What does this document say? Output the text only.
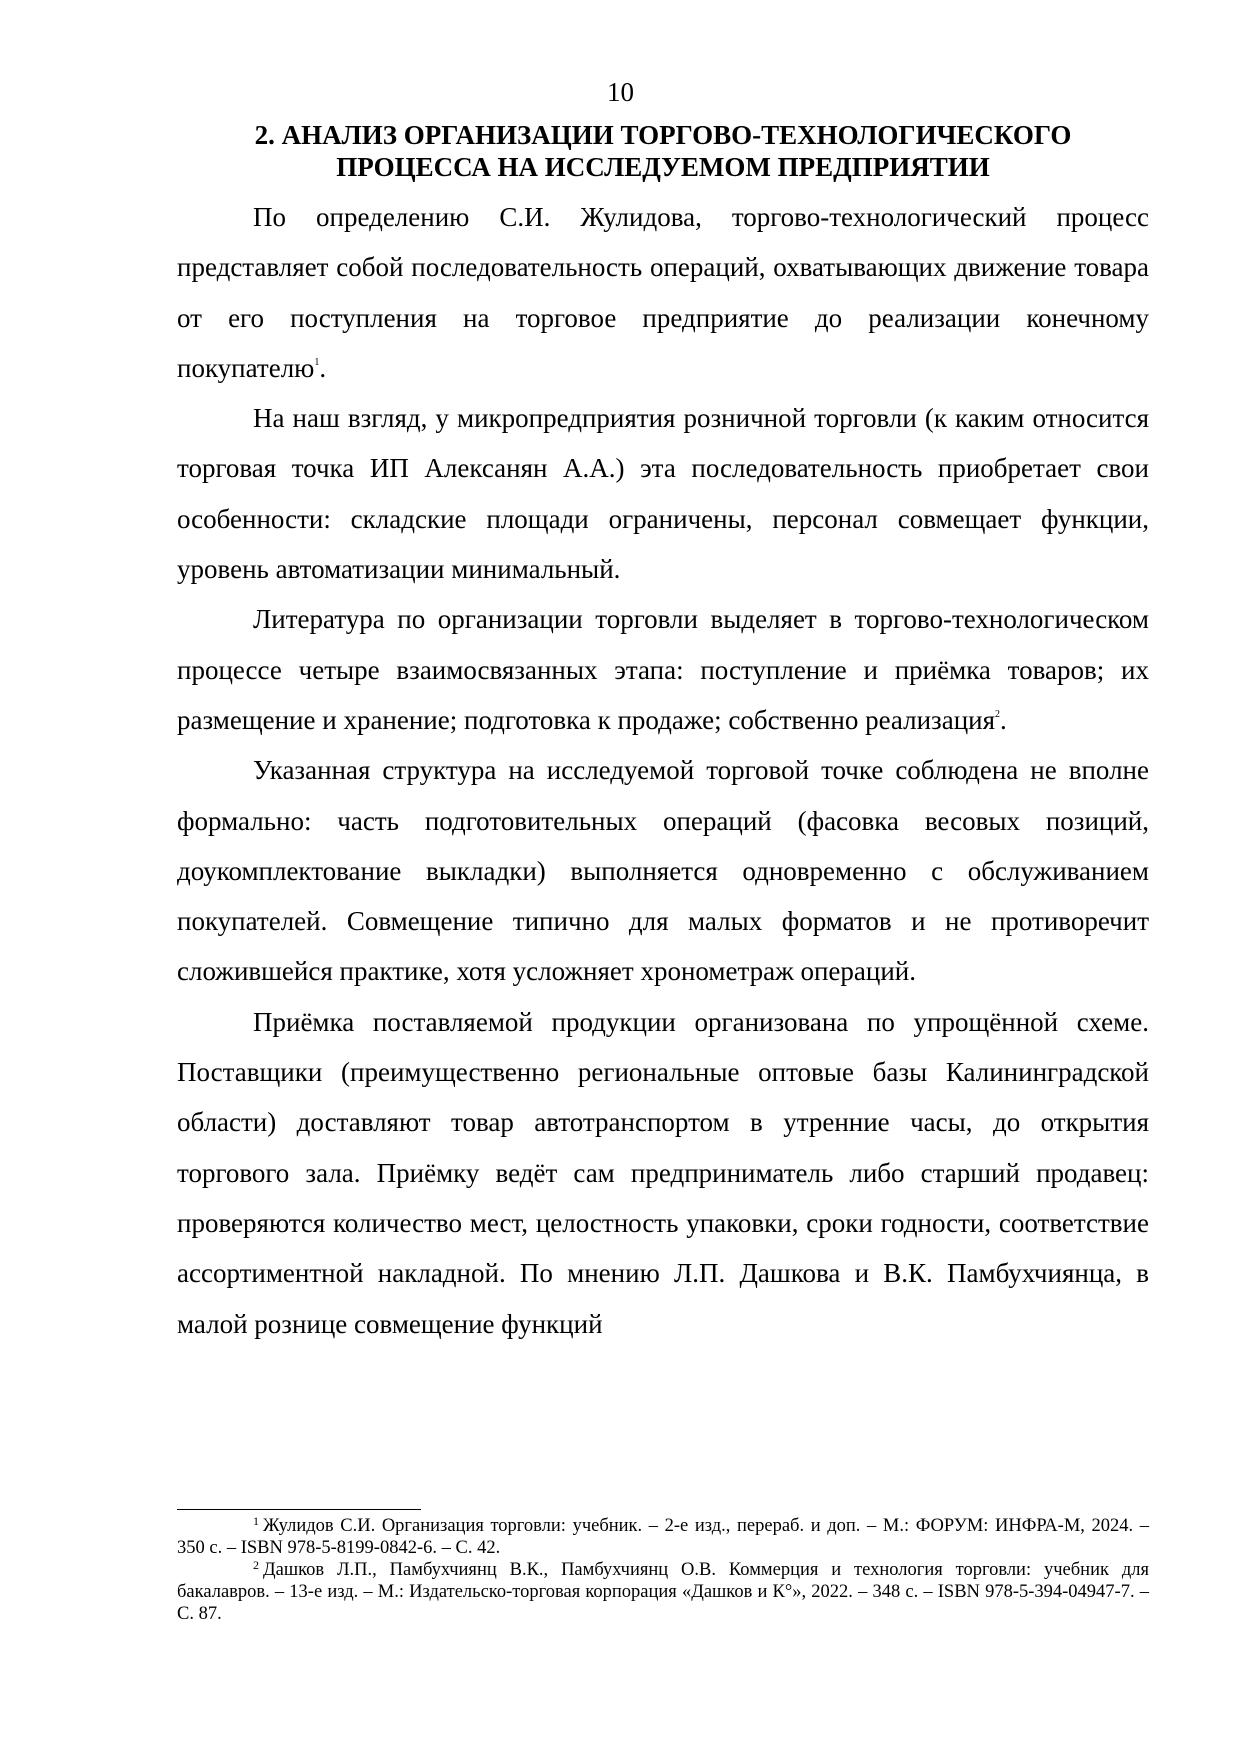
10
2. АНАЛИЗ ОРГАНИЗАЦИИ ТОРГОВО-ТЕХНОЛОГИЧЕСКОГО
ПРОЦЕССА НА ИССЛЕДУЕМОМ ПРЕДПРИЯТИИ

По определению С.И. Жулидова, торгово-технологический процесс представляет собой последовательность операций, охватывающих движение товара от его поступления на торговое предприятие до реализации конечному покупателю$^1$.

На наш взгляд, у микропредприятия розничной торговли (к каким относится торговая точка ИП Алексанян А.А.) эта последовательность приобретает свои особенности: складские площади ограничены, персонал совмещает функции, уровень автоматизации минимальный.

Литература по организации торговли выделяет в торгово-технологическом процессе четыре взаимосвязанных этапа: поступление и приёмка товаров; их размещение и хранение; подготовка к продаже; собственно реализация$^2$.

Указанная структура на исследуемой торговой точке соблюдена не вполне формально: часть подготовительных операций (фасовка весовых позиций, доукомплектование выкладки) выполняется одновременно с обслуживанием покупателей. Совмещение типично для малых форматов и не противоречит сложившейся практике, хотя усложняет хронометраж операций.

Приёмка поставляемой продукции организована по упрощённой схеме. Поставщики (преимущественно региональные оптовые базы Калининградской области) доставляют товар автотранспортом в утренние часы, до открытия торгового зала. Приёмку ведёт сам предприниматель либо старший продавец: проверяются количество мест, целостность упаковки, сроки годности, соответствие ассортиментной накладной. По мнению Л.П. Дашкова и В.К. Памбухчиянца, в малой рознице совмещение функций

$^1$ Жулидов С.И. Организация торговли: учебник. – 2-е изд., перераб. и доп. – М.: ФОРУМ: ИНФРА-М, 2024. – 350 с. – ISBN 978-5-8199-0842-6. – С. 42.

$^2$ Дашков Л.П., Памбухчиянц В.К., Памбухчиянц О.В. Коммерция и технология торговли: учебник для бакалавров. – 13-е изд. – М.: Издательско-торговая корпорация «Дашков и К°», 2022. – 348 с. – ISBN 978-5-394-04947-7. – С. 87.
